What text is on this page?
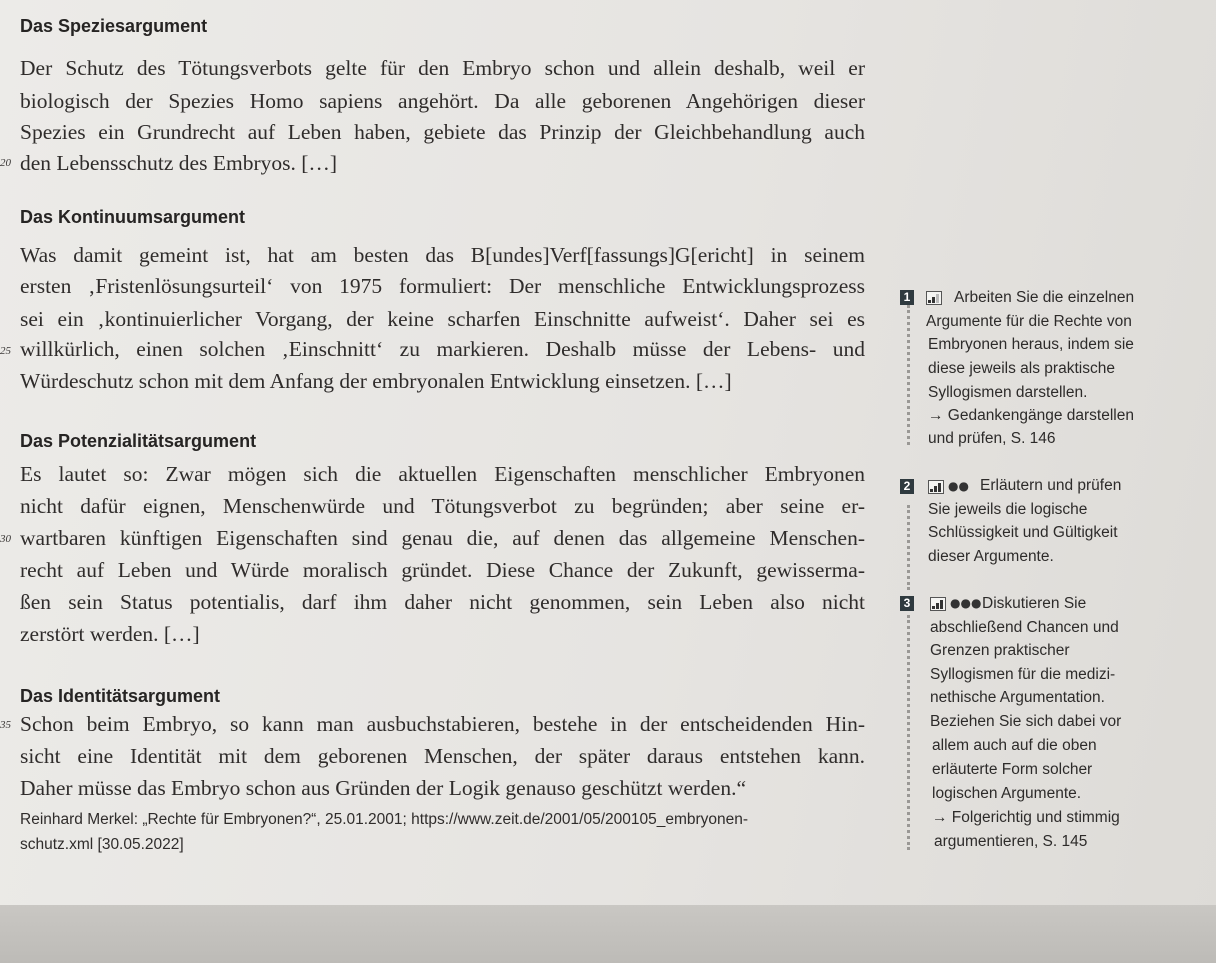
Das Speziesargument
Der Schutz des Tötungsverbots gelte für den Embryo schon und allein deshalb, weil er
biologisch der Spezies Homo sapiens angehört. Da alle geborenen Angehörigen dieser
Spezies ein Grundrecht auf Leben haben, gebiete das Prinzip der Gleichbehandlung auch
20 den Lebensschutz des Embryos. […]
Das Kontinuumsargument
Was damit gemeint ist, hat am besten das B[undes]Verf[fassungs]G[ericht] in seinem
ersten ‚Fristenlösungsurteil‘ von 1975 formuliert: Der menschliche Entwicklungsprozess
sei ein ‚kontinuierlicher Vorgang, der keine scharfen Einschnitte aufweist‘. Daher sei es
25 willkürlich, einen solchen ‚Einschnitt‘ zu markieren. Deshalb müsse der Lebens- und
Würdeschutz schon mit dem Anfang der embryonalen Entwicklung einsetzen. […]
Das Potenzialitätsargument
Es lautet so: Zwar mögen sich die aktuellen Eigenschaften menschlicher Embryonen
nicht dafür eignen, Menschenwürde und Tötungsverbot zu begründen; aber seine er-
30 wartbaren künftigen Eigenschaften sind genau die, auf denen das allgemeine Menschen-
recht auf Leben und Würde moralisch gründet. Diese Chance der Zukunft, gewisserma-
ßen sein Status potentialis, darf ihm daher nicht genommen, sein Leben also nicht
zerstört werden. […]
Das Identitätsargument
35 Schon beim Embryo, so kann man ausbuchstabieren, bestehe in der entscheidenden Hin-
sicht eine Identität mit dem geborenen Menschen, der später daraus entstehen kann.
Daher müsse das Embryo schon aus Gründen der Logik genauso geschützt werden.“
Reinhard Merkel: „Rechte für Embryonen?“, 25.01.2001; https://www.zeit.de/2001/05/200105_embryonen-
schutz.xml [30.05.2022]
1	Arbeiten Sie die einzelnen
Argumente für die Rechte von
Embryonen heraus, indem sie
diese jeweils als praktische
Syllogismen darstellen.
→ Gedankengänge darstellen
und prüfen, S. 146
2	●● Erläutern und prüfen
Sie jeweils die logische
Schlüssigkeit und Gültigkeit
dieser Argumente.
3	●●● Diskutieren Sie
abschließend Chancen und
Grenzen praktischer
Syllogismen für die medizi-
nethische Argumentation.
Beziehen Sie sich dabei vor
allem auch auf die oben
erläuterte Form solcher
logischen Argumente.
→ Folgerichtig und stimmig
argumentieren, S. 145
